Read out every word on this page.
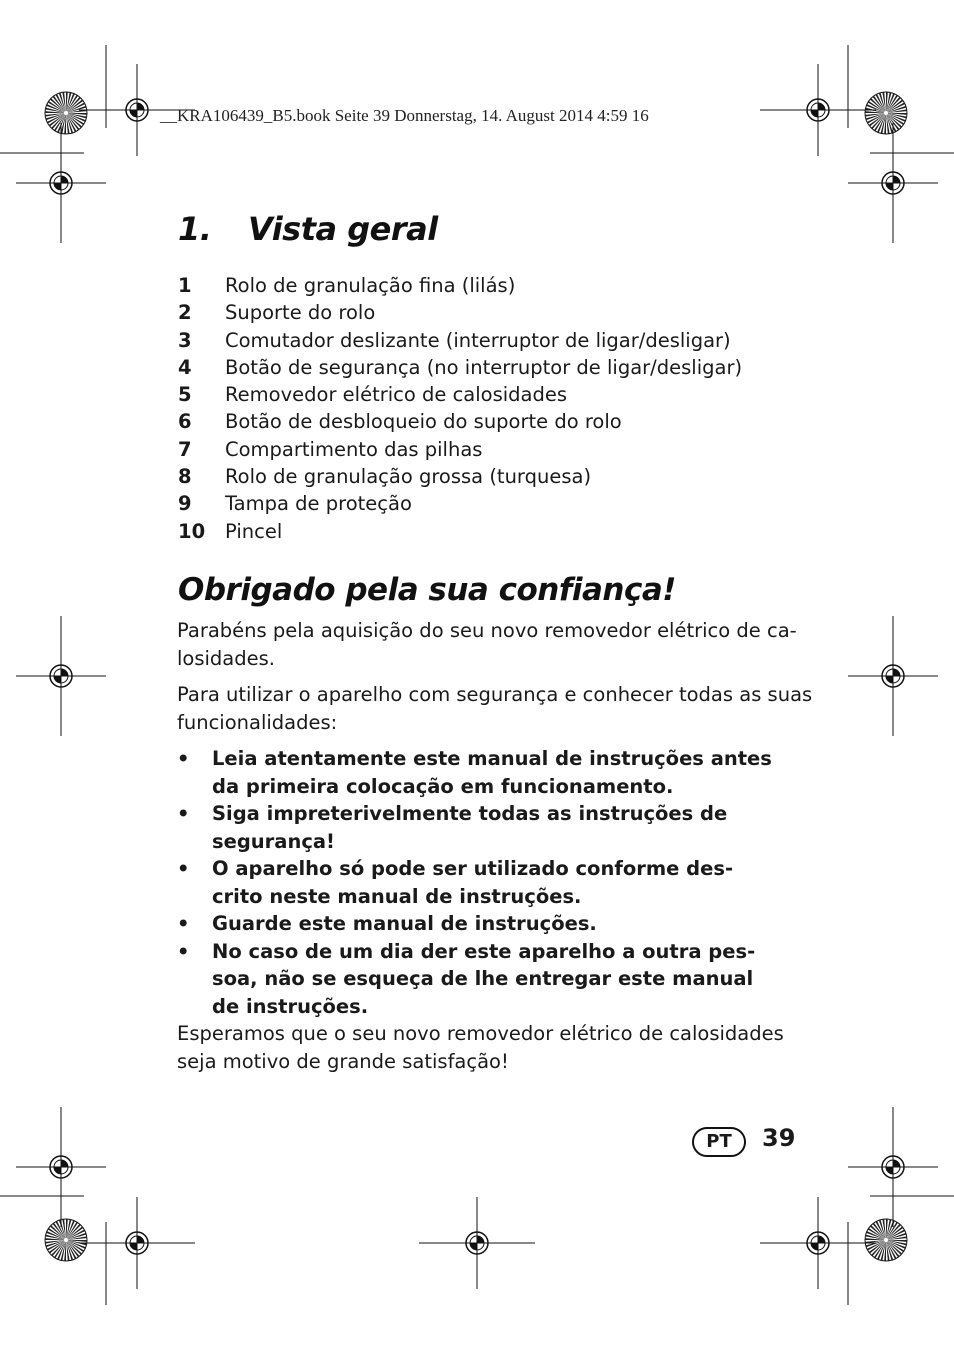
__KRA106439_B5.book Seite 39 Donnerstag, 14. August 2014 4:59 16
1. Vista geral
1 Rolo de granulação fina (lilás)
2 Suporte do rolo
3 Comutador deslizante (interruptor de ligar/desligar)
4 Botão de segurança (no interruptor de ligar/desligar)
5 Removedor elétrico de calosidades
6 Botão de desbloqueio do suporte do rolo
7 Compartimento das pilhas
8 Rolo de granulação grossa (turquesa)
9 Tampa de proteção
10 Pincel
Obrigado pela sua confiança!
Parabéns pela aquisição do seu novo removedor elétrico de ca-
losidades.
Para utilizar o aparelho com segurança e conhecer todas as suas
funcionalidades:
• Leia atentamente este manual de instruções antes
da primeira colocação em funcionamento.
• Siga impreterivelmente todas as instruções de
segurança!
• O aparelho só pode ser utilizado conforme des-
crito neste manual de instruções.
• Guarde este manual de instruções.
• No caso de um dia der este aparelho a outra pes-
soa, não se esqueça de lhe entregar este manual
de instruções.
Esperamos que o seu novo removedor elétrico de calosidades
seja motivo de grande satisfação!
PT	39
